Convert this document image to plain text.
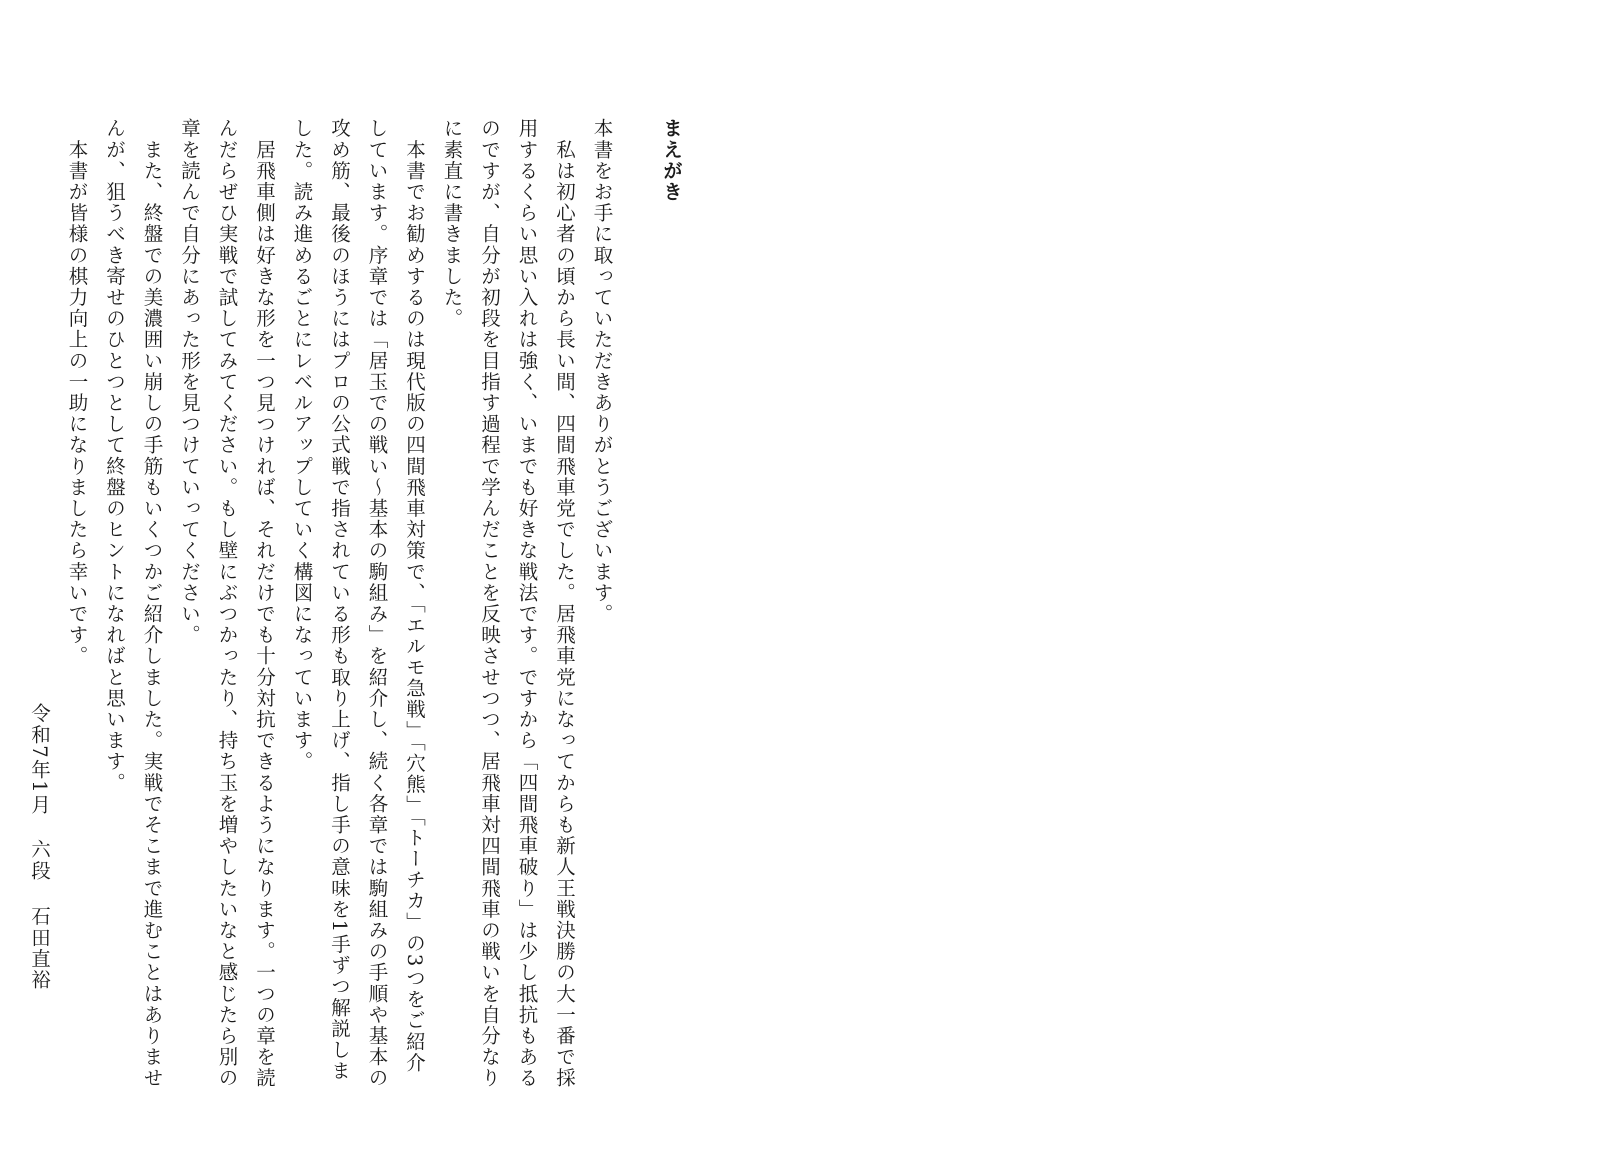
まえがき
本書をお手に取っていただきありがとうございます。
　私は初心者の頃から長い間、四間飛車党でした。居飛車党になってからも新人王戦決勝の大一番で採
用するくらい思い入れは強く、いまでも好きな戦法です。ですから「四間飛車破り」は少し抵抗もある
のですが、自分が初段を目指す過程で学んだことを反映させつつ、居飛車対四間飛車の戦いを自分なり
に素直に書きました。
　本書でお勧めするのは現代版の四間飛車対策で、「エルモ急戦」「穴熊」「トーチカ」の3つをご紹介
しています。序章では「居玉での戦い～基本の駒組み」を紹介し、続く各章では駒組みの手順や基本の
攻め筋、最後のほうにはプロの公式戦で指されている形も取り上げ、指し手の意味を1手ずつ解説しま
した。読み進めるごとにレベルアップしていく構図になっています。
　居飛車側は好きな形を一つ見つければ、それだけでも十分対抗できるようになります。一つの章を読
んだらぜひ実戦で試してみてください。もし壁にぶつかったり、持ち玉を増やしたいなと感じたら別の
章を読んで自分にあった形を見つけていってください。
　また、終盤での美濃囲い崩しの手筋もいくつかご紹介しました。実戦でそこまで進むことはありませ
んが、狙うべき寄せのひとつとして終盤のヒントになればと思います。
　本書が皆様の棋力向上の一助になりましたら幸いです。
令和7年1月六段石田直裕
